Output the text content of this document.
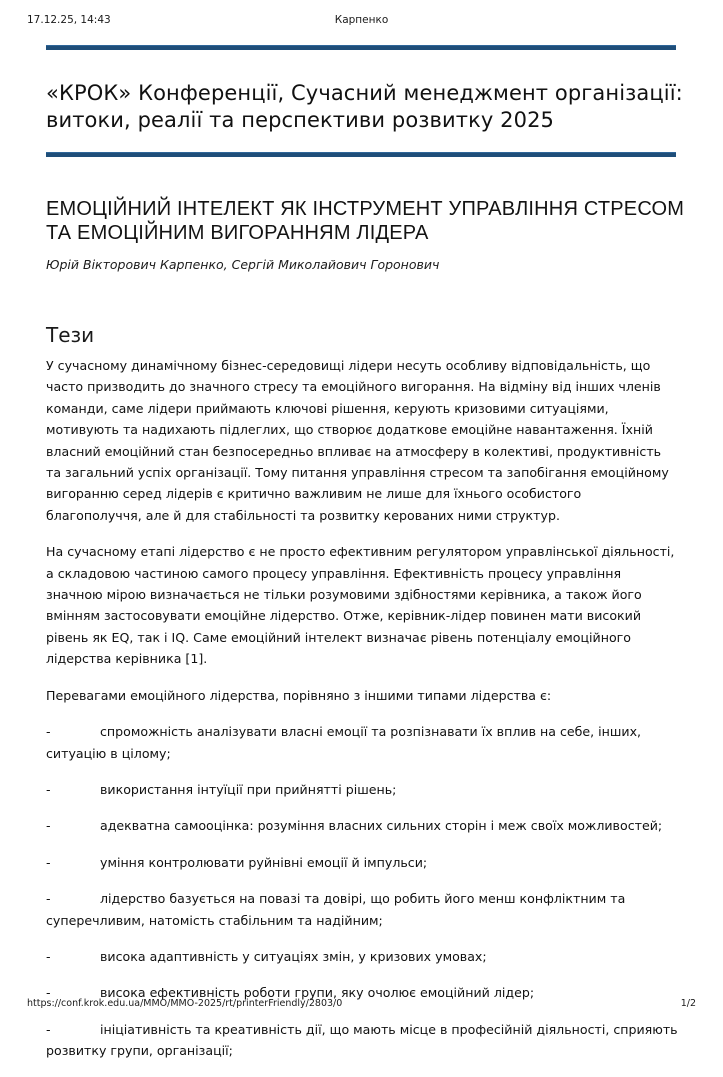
17.12.25, 14:43	Карпенко
«КРОК» Конференції, Сучасний менеджмент організації: витоки, реалії та перспективи розвитку 2025
ЕМОЦІЙНИЙ ІНТЕЛЕКТ ЯК ІНСТРУМЕНТ УПРАВЛІННЯ СТРЕСОМ ТА ЕМОЦІЙНИМ ВИГОРАННЯМ ЛІДЕРА
Юрій Вікторович Карпенко, Сергій Миколайович Горонович
Тези

У сучасному динамічному бізнес-середовищі лідери несуть особливу відповідальність, що часто призводить до значного стресу та емоційного вигорання. На відміну від інших членів команди, саме лідери приймають ключові рішення, керують кризовими ситуаціями, мотивують та надихають підлеглих, що створює додаткове емоційне навантаження. Їхній власний емоційний стан безпосередньо впливає на атмосферу в колективі, продуктивність та загальний успіх організації. Тому питання управління стресом та запобігання емоційному вигоранню серед лідерів є критично важливим не лише для їхнього особистого благополуччя, але й для стабільності та розвитку керованих ними структур.

На сучасному етапі лідерство є не просто ефективним регулятором управлінської діяльності, а складовою частиною самого процесу управління. Ефективність процесу управління значною мірою визначається не тільки розумовими здібностями керівника, а також його вмінням застосовувати емоційне лідерство. Отже, керівник-лідер повинен мати високий рівень як EQ, так і IQ. Саме емоційний інтелект визначає рівень потенціалу емоційного лідерства керівника [1].

Перевагами емоційного лідерства, порівняно з іншими типами лідерства є:

-	спроможність аналізувати власні емоції та розпізнавати їх вплив на себе, інших, ситуацію в цілому;

-	використання інтуїції при прийнятті рішень;

-	адекватна самооцінка: розуміння власних сильних сторін і меж своїх можливостей;

-	уміння контролювати руйнівні емоції й імпульси;

-	лідерство базується на повазі та довірі, що робить його менш конфліктним та суперечливим, натомість стабільним та надійним;

-	висока адаптивність у ситуаціях змін, у кризових умовах;

-	висока ефективність роботи групи, яку очолює емоційний лідер;

-	ініціативність та креативність дії, що мають місце в професійній діяльності, сприяють розвитку групи, організації;

https://conf.krok.edu.ua/MMO/MMO-2025/rt/printerFriendly/2803/0	1/2
